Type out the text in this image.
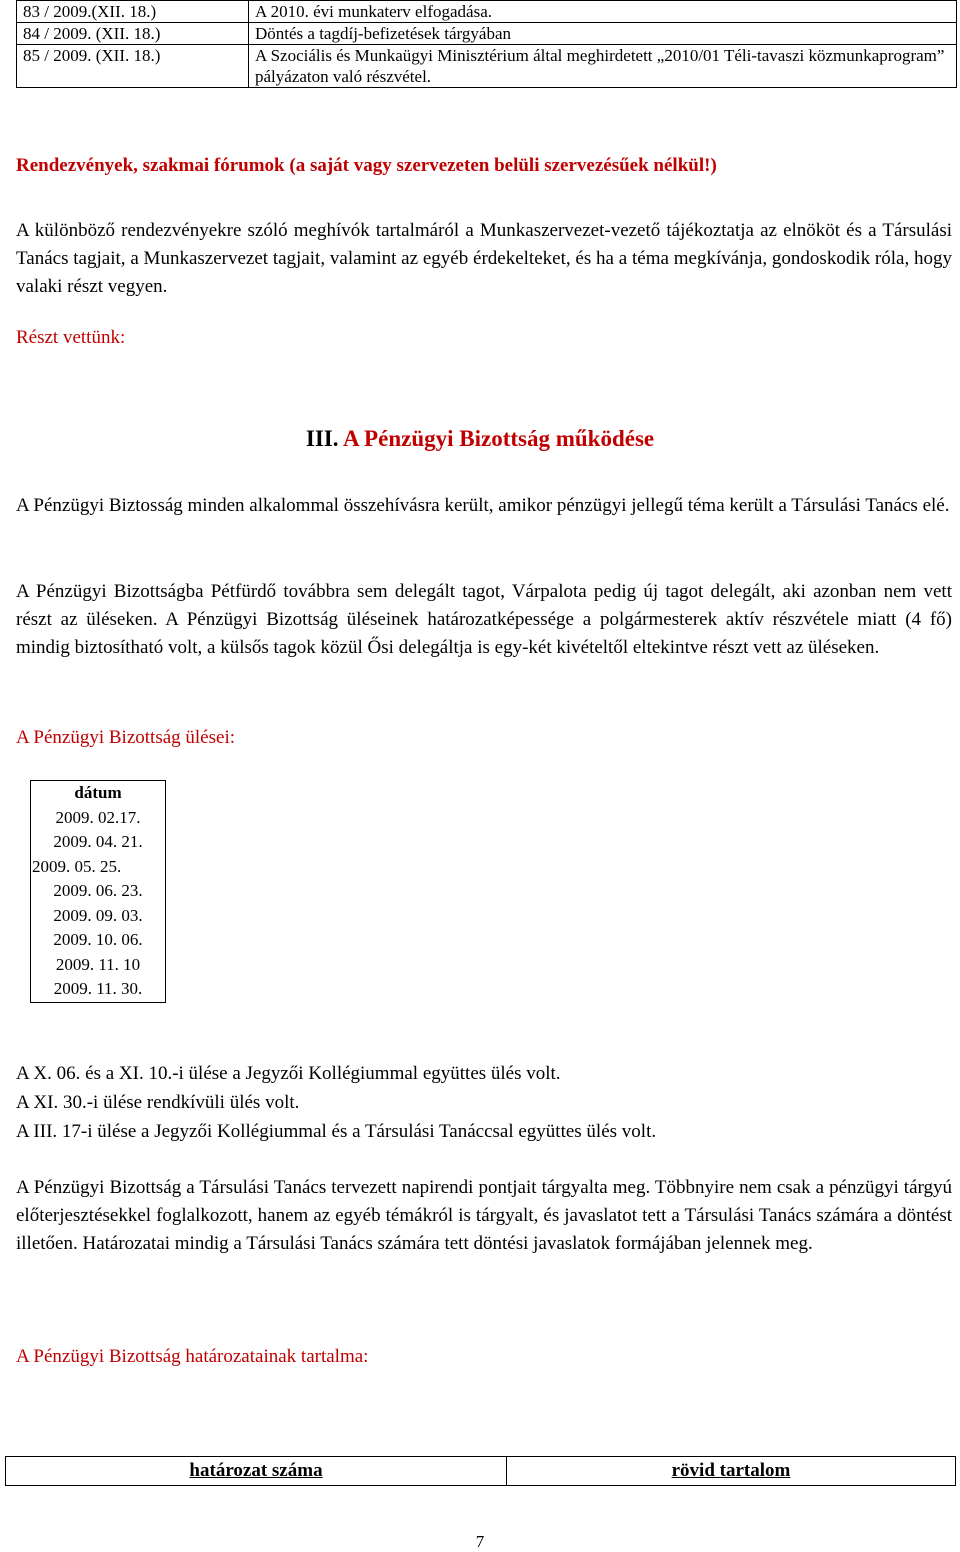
83 / 2009.(XII. 18.)	A 2010. évi munkaterv elfogadása.
84 / 2009. (XII. 18.)	Döntés a tagdíj-befizetések tárgyában
85 / 2009. (XII. 18.)	A Szociális és Munkaügyi Minisztérium által meghirdetett „2010/01 Téli-tavaszi közmunkaprogram” pályázaton való részvétel.
Rendezvények, szakmai fórumok (a saját vagy szervezeten belüli szervezésűek nélkül!)
A különböző rendezvényekre szóló meghívók tartalmáról a Munkaszervezet-vezető tájékoztatja az elnököt és a Társulási Tanács tagjait, a Munkaszervezet tagjait, valamint az egyéb érdekelteket, és ha a téma megkívánja, gondoskodik róla, hogy valaki részt vegyen.
Részt vettünk:
III. A Pénzügyi Bizottság működése
A Pénzügyi Biztosság minden alkalommal összehívásra került, amikor pénzügyi jellegű téma került a Társulási Tanács elé.
A Pénzügyi Bizottságba Pétfürdő továbbra sem delegált tagot, Várpalota pedig új tagot delegált, aki azonban nem vett részt az üléseken. A Pénzügyi Bizottság üléseinek határozatképessége a polgármesterek aktív részvétele miatt (4 fő) mindig biztosítható volt, a külsős tagok közül Ősi delegáltja is egy-két kivételtől eltekintve részt vett az üléseken.
A Pénzügyi Bizottság ülései:
dátum
2009. 02.17.
2009. 04. 21.
2009. 05. 25.
2009. 06. 23.
2009. 09. 03.
2009. 10. 06.
2009. 11. 10
2009. 11. 30.
A X. 06. és a XI. 10.-i ülése a Jegyzői Kollégiummal együttes ülés volt.
A XI. 30.-i ülése rendkívüli ülés volt.
A III. 17-i ülése a Jegyzői Kollégiummal és a Társulási Tanáccsal együttes ülés volt.
A Pénzügyi Bizottság a Társulási Tanács tervezett napirendi pontjait tárgyalta meg. Többnyire nem csak a pénzügyi tárgyú előterjesztésekkel foglalkozott, hanem az egyéb témákról is tárgyalt, és javaslatot tett a Társulási Tanács számára a döntést illetően. Határozatai mindig a Társulási Tanács számára tett döntési javaslatok formájában jelennek meg.
A Pénzügyi Bizottság határozatainak tartalma:
határozat száma	rövid tartalom
7
